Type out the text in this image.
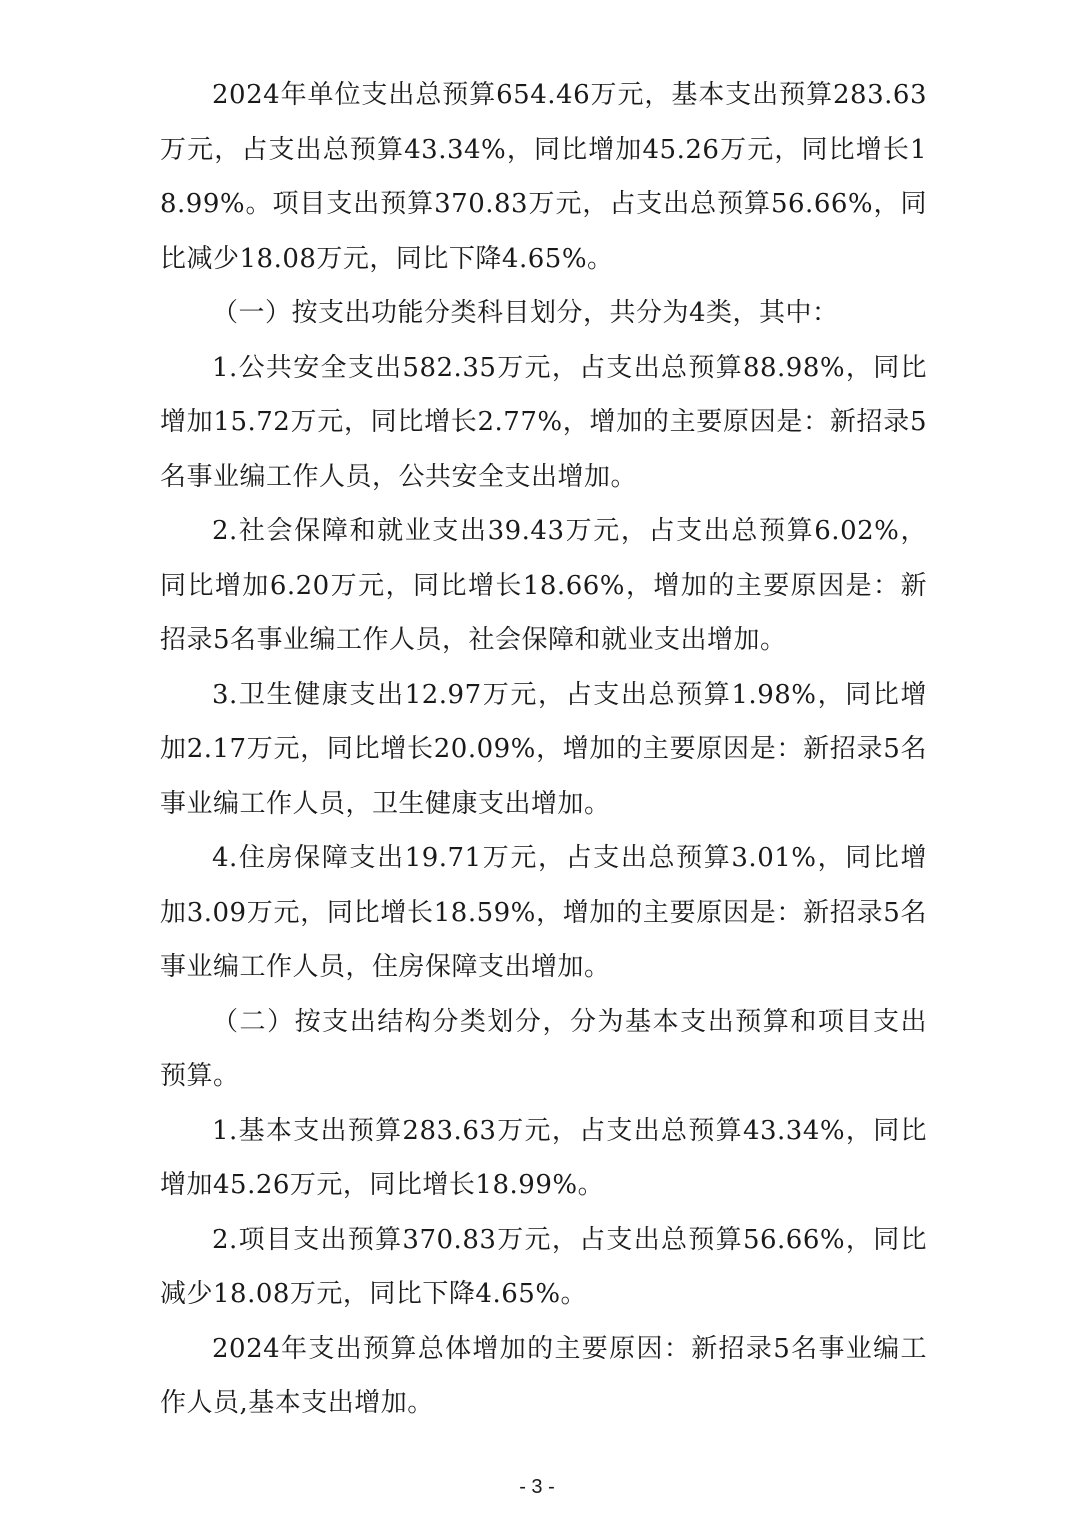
2024年单位支出总预算654.46万元，基本支出预算283.63万元，占支出总预算43.34%，同比增加45.26万元，同比增长18.99%。项目支出预算370.83万元，占支出总预算56.66%，同比减少18.08万元，同比下降4.65%。

（一）按支出功能分类科目划分，共分为4类，其中：

1.公共安全支出582.35万元，占支出总预算88.98%，同比增加15.72万元，同比增长2.77%，增加的主要原因是：新招录5名事业编工作人员，公共安全支出增加。

2.社会保障和就业支出39.43万元，占支出总预算6.02%，同比增加6.20万元，同比增长18.66%，增加的主要原因是：新招录5名事业编工作人员，社会保障和就业支出增加。

3.卫生健康支出12.97万元，占支出总预算1.98%，同比增加2.17万元，同比增长20.09%，增加的主要原因是：新招录5名事业编工作人员，卫生健康支出增加。

4.住房保障支出19.71万元，占支出总预算3.01%，同比增加3.09万元，同比增长18.59%，增加的主要原因是：新招录5名事业编工作人员，住房保障支出增加。

（二）按支出结构分类划分，分为基本支出预算和项目支出预算。

1.基本支出预算283.63万元，占支出总预算43.34%，同比增加45.26万元，同比增长18.99%。

2.项目支出预算370.83万元，占支出总预算56.66%，同比减少18.08万元，同比下降4.65%。

2024年支出预算总体增加的主要原因：新招录5名事业编工作人员,基本支出增加。

- 3 -
